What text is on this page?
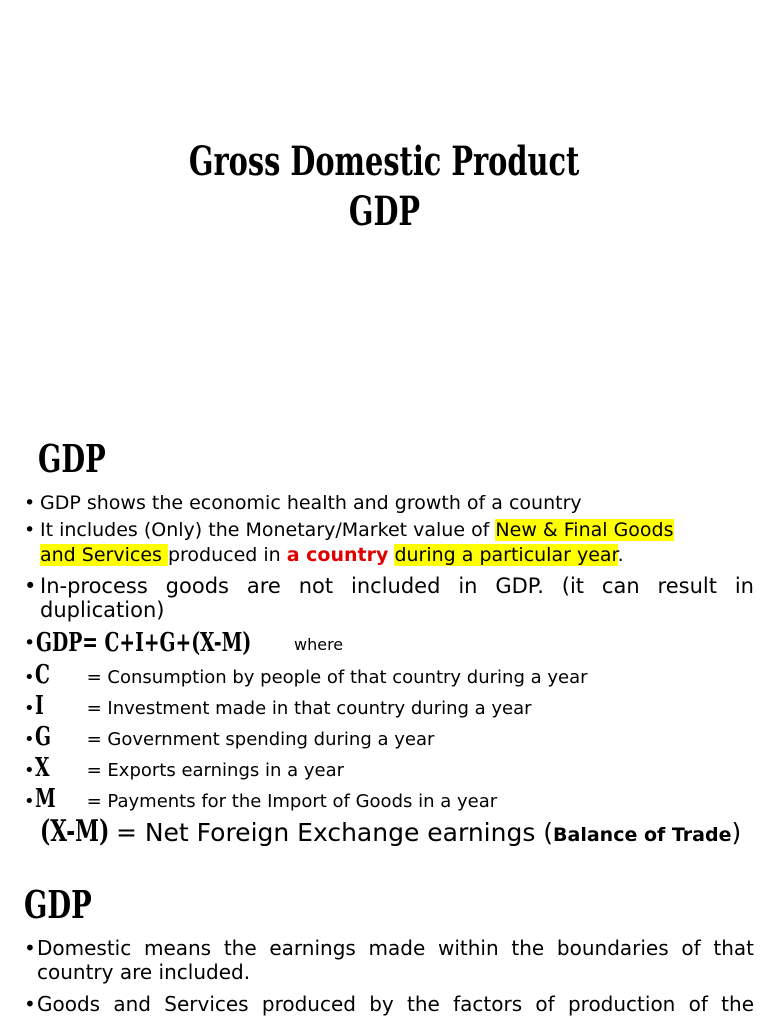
Gross Domestic Product
GDP
GDP
• GDP shows the economic health and growth of a country
• It includes (Only) the Monetary/Market value of New & Final Goods
and Services produced in a country during a particular year.
• In-process goods are not included in GDP. (it can result in
duplication)
• GDP= C+I+G+(X-M)	where
•C = Consumption by people of that country during a year
•I = Investment made in that country during a year
•G = Government spending during a year
•X = Exports earnings in a year
•M = Payments for the Import of Goods in a year
(X-M) = Net Foreign Exchange earnings (Balance of Trade)
GDP
• Domestic means the earnings made within the boundaries of that
country are included.
• Goods and Services produced by the factors of production of the
